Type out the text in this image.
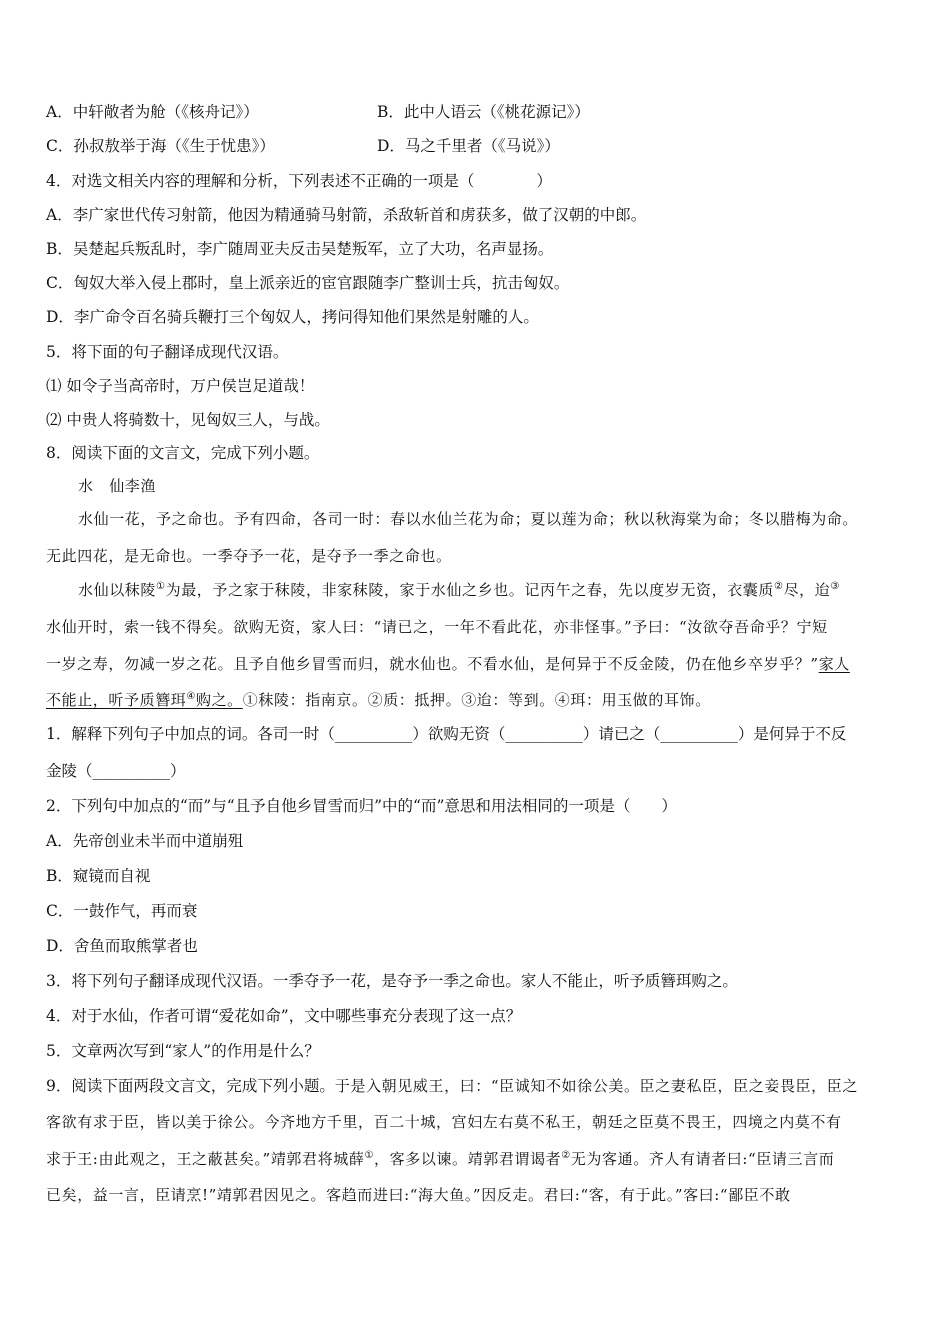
A．中轩敞者为舱（《核舟记》）	B．此中人语云（《桃花源记》）
C．孙叔敖举于海（《生于忧患》）	D．马之千里者（《马说》）
4．对选文相关内容的理解和分析，下列表述不正确的一项是（　　　　）
A．李广家世代传习射箭，他因为精通骑马射箭，杀敌斩首和虏获多，做了汉朝的中郎。
B．吴楚起兵叛乱时，李广随周亚夫反击吴楚叛军，立了大功，名声显扬。
C．匈奴大举入侵上郡时，皇上派亲近的宦官跟随李广整训士兵，抗击匈奴。
D．李广命令百名骑兵鞭打三个匈奴人，拷问得知他们果然是射雕的人。
5．将下面的句子翻译成现代汉语。
⑴ 如令子当高帝时，万户侯岂足道哉！
⑵ 中贵人将骑数十，见匈奴三人，与战。
8．阅读下面的文言文，完成下列小题。
水　仙李渔
水仙一花，予之命也。予有四命，各司一时：春以水仙兰花为命；夏以莲为命；秋以秋海棠为命；冬以腊梅为命。
无此四花，是无命也。一季夺予一花，是夺予一季之命也。
水仙以秣陵①为最，予之家于秣陵，非家秣陵，家于水仙之乡也。记丙午之春，先以度岁无资，衣囊质②尽，迨③
水仙开时，索一钱不得矣。欲购无资，家人曰：“请已之，一年不看此花，亦非怪事。”予曰：“汝欲夺吾命乎？宁短
一岁之寿，勿减一岁之花。且予自他乡冒雪而归，就水仙也。不看水仙，是何异于不反金陵，仍在他乡卒岁乎？”家人
不能止，听予质簪珥④购之。①秣陵：指南京。②质：抵押。③迨：等到。④珥：用玉做的耳饰。
1．解释下列句子中加点的词。各司一时（__________）欲购无资（__________）请已之（__________）是何异于不反
金陵（__________）
2．下列句中加点的“而”与“且予自他乡冒雪而归”中的“而”意思和用法相同的一项是（　　）
A．先帝创业未半而中道崩殂
B．窥镜而自视
C．一鼓作气，再而衰
D．舍鱼而取熊掌者也
3．将下列句子翻译成现代汉语。一季夺予一花，是夺予一季之命也。家人不能止，听予质簪珥购之。
4．对于水仙，作者可谓“爱花如命”，文中哪些事充分表现了这一点？
5．文章两次写到“家人”的作用是什么？
9．阅读下面两段文言文，完成下列小题。于是入朝见威王，曰：“臣诚知不如徐公美。臣之妻私臣，臣之妾畏臣，臣之
客欲有求于臣，皆以美于徐公。今齐地方千里，百二十城，宫妇左右莫不私王，朝廷之臣莫不畏王，四境之内莫不有
求于王:由此观之，王之蔽甚矣。”靖郭君将城薛①，客多以谏。靖郭君谓谒者②无为客通。齐人有请者曰:“臣请三言而
已矣，益一言，臣请烹!”靖郭君因见之。客趋而进曰:“海大鱼。”因反走。君曰:“客，有于此。”客曰:“鄙臣不敢
